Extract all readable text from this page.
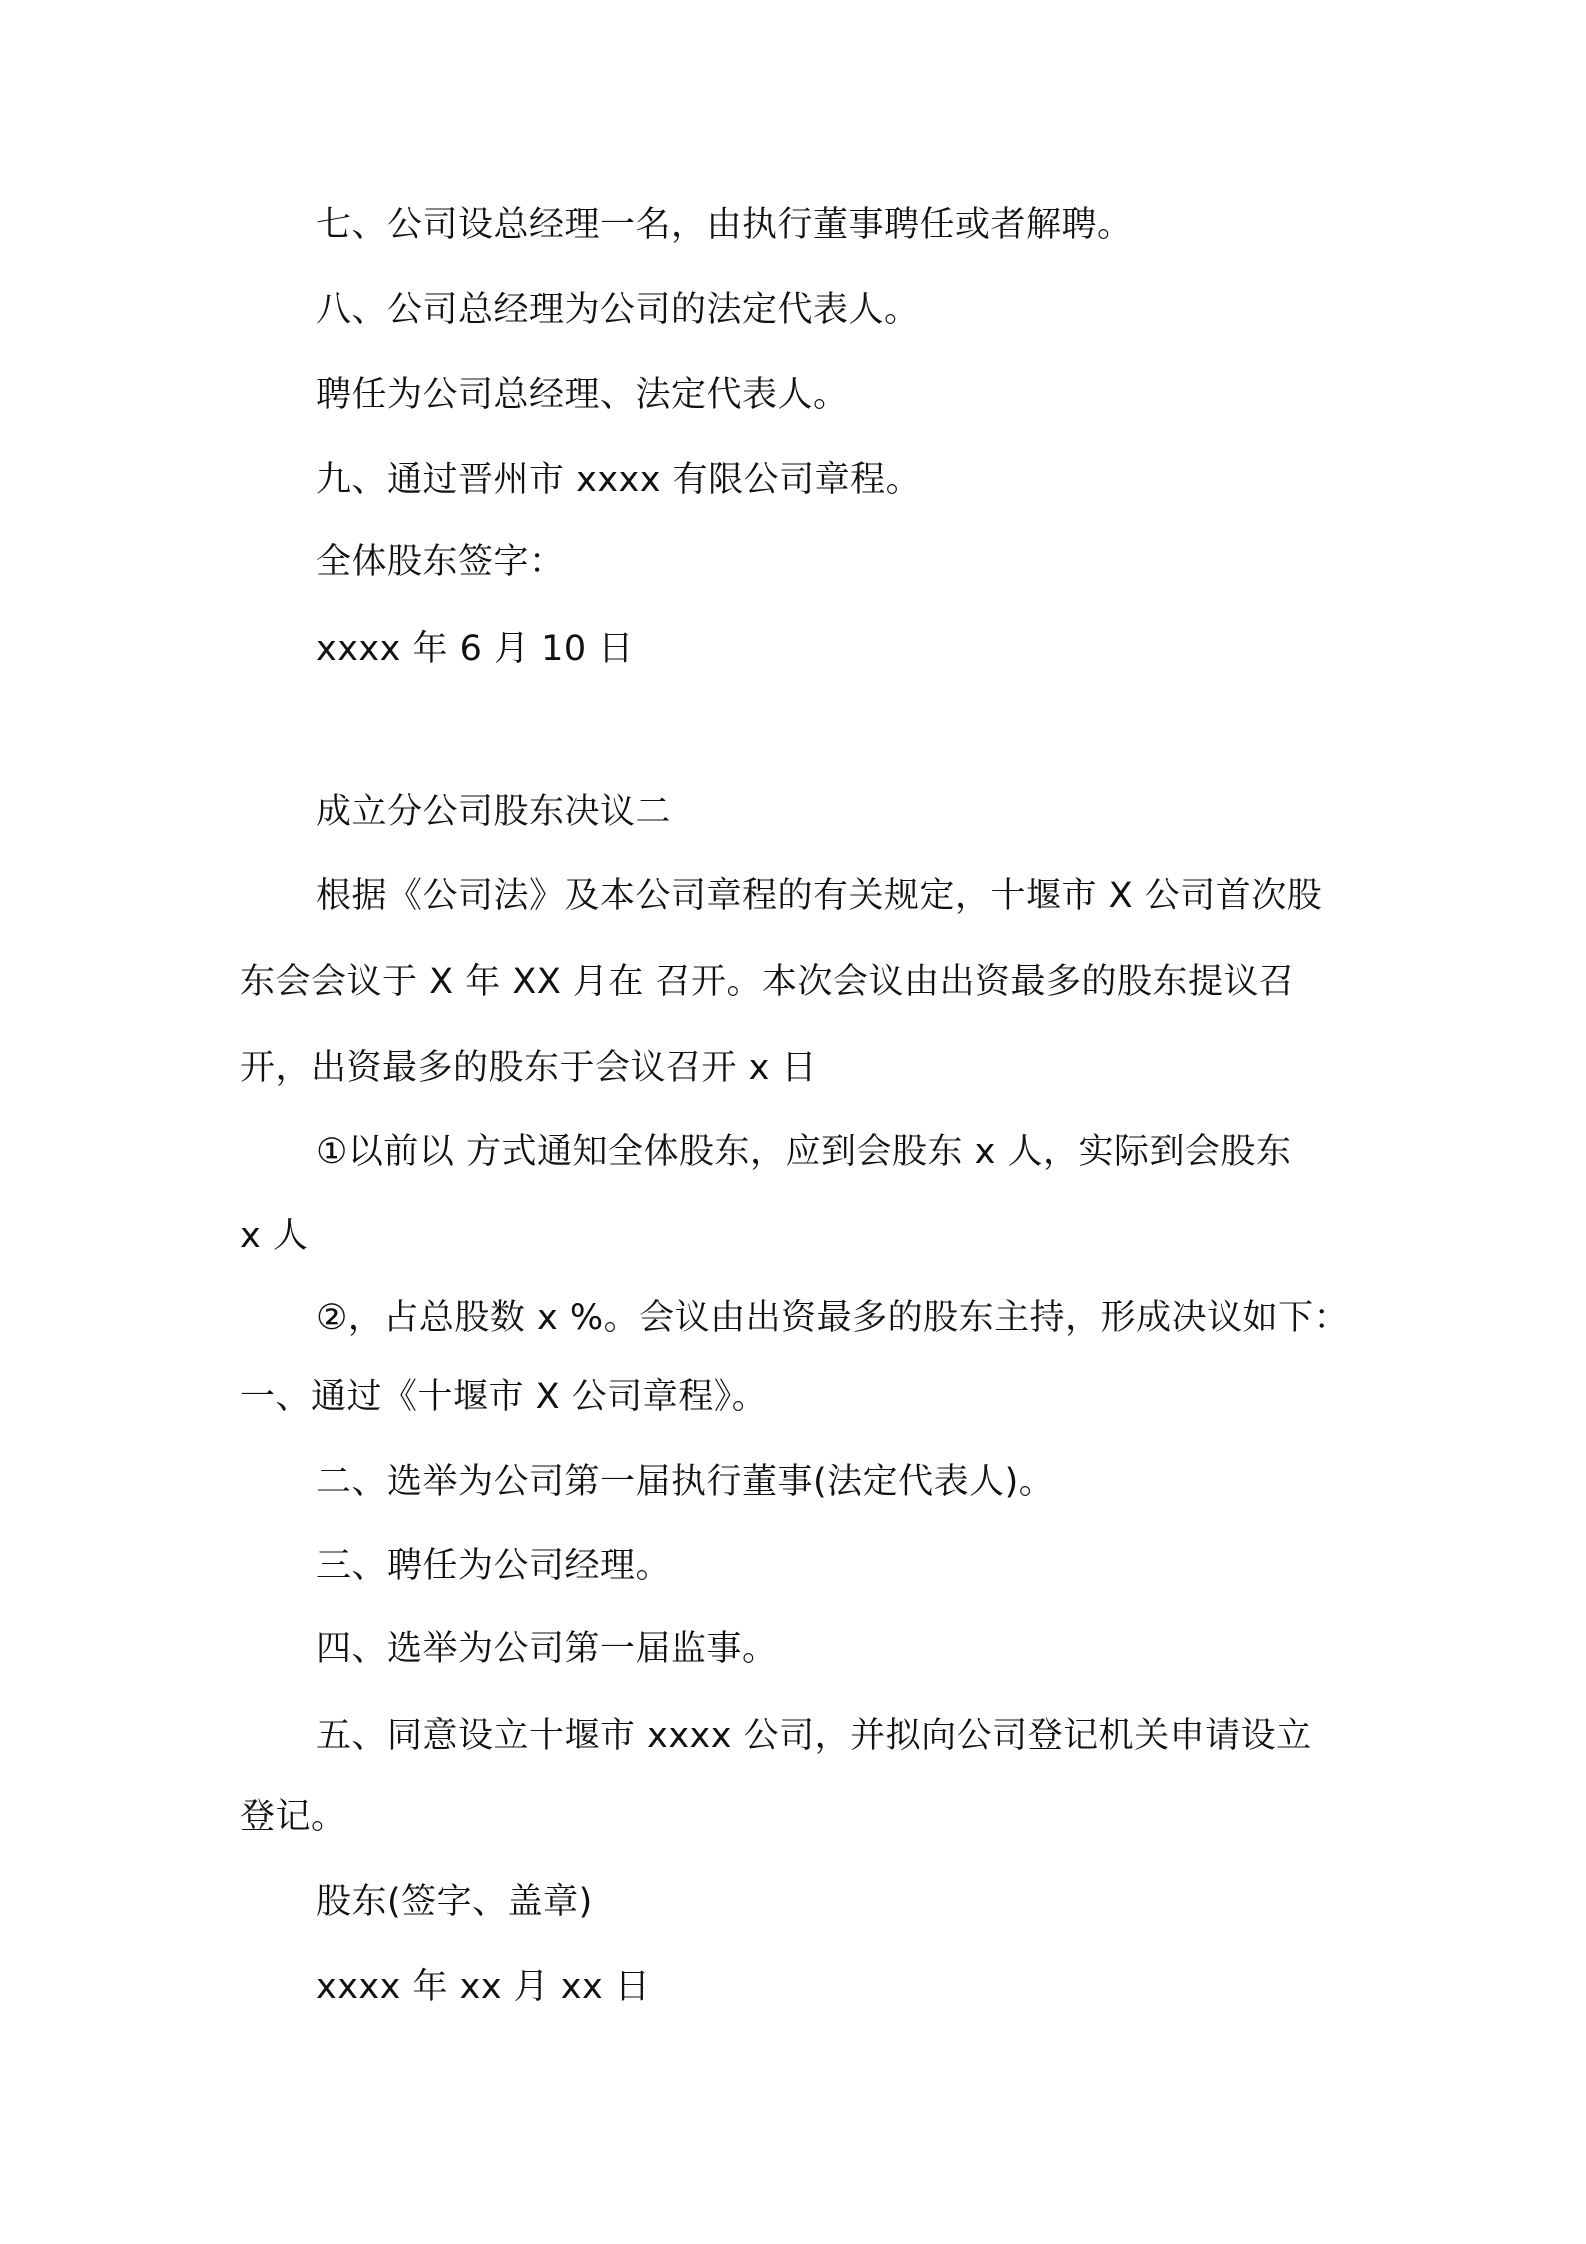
七、公司设总经理一名，由执行董事聘任或者解聘。
八、公司总经理为公司的法定代表人。
聘任为公司总经理、法定代表人。
九、通过晋州市 xxxx 有限公司章程。
全体股东签字：
xxxx 年 6 月 10 日
成立分公司股东决议二
根据《公司法》及本公司章程的有关规定，十堰市 X 公司首次股
东会会议于 X 年 XX 月在 召开。本次会议由出资最多的股东提议召
开，出资最多的股东于会议召开 x 日
①以前以 方式通知全体股东，应到会股东 x 人，实际到会股东
x 人
②，占总股数 x %。会议由出资最多的股东主持，形成决议如下：
一、通过《十堰市 X 公司章程》。
二、选举为公司第一届执行董事(法定代表人)。
三、聘任为公司经理。
四、选举为公司第一届监事。
五、同意设立十堰市 xxxx 公司，并拟向公司登记机关申请设立
登记。
股东(签字、盖章)
xxxx 年 xx 月 xx 日
